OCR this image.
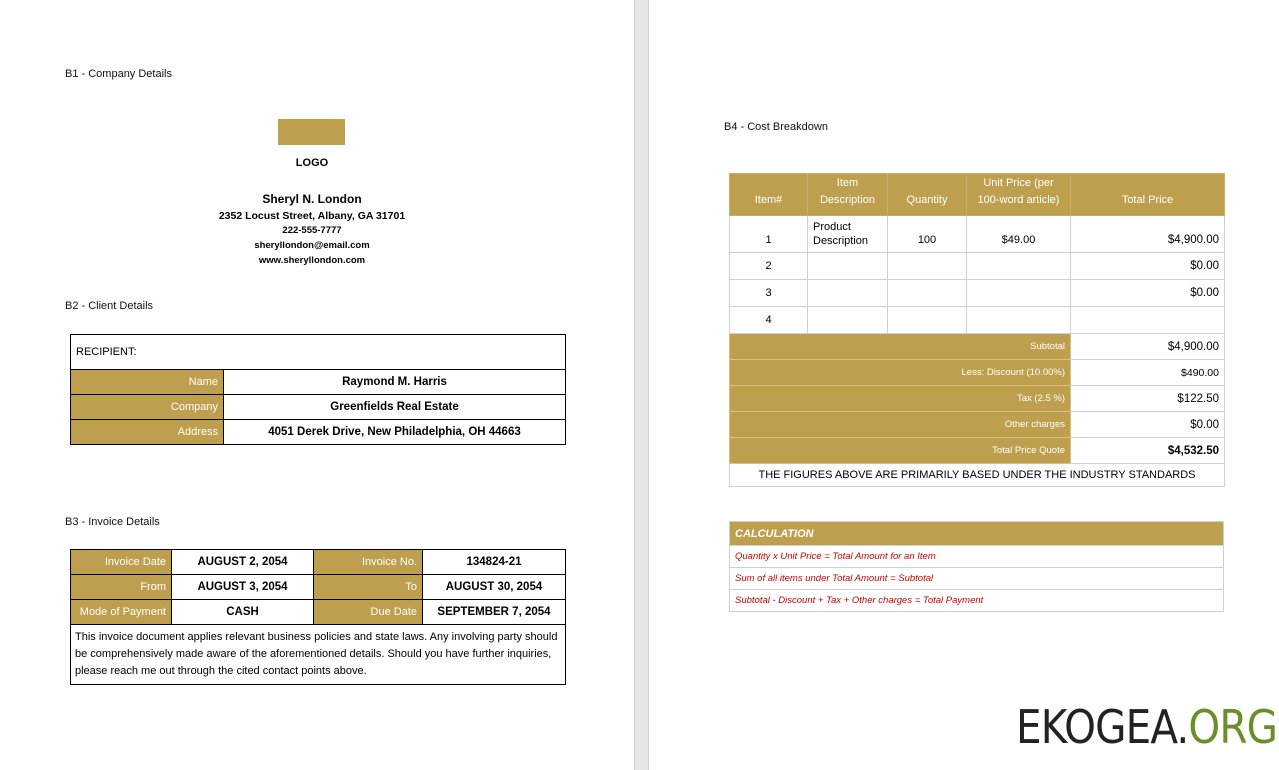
B1 - Company Details
LOGO
Sheryl N. London
2352 Locust Street, Albany, GA 31701
222-555-7777
sheryllondon@email.com
www.sheryllondon.com
B2 - Client Details
RECIPIENT:	
Name	Raymond M. Harris
Company	Greenfields Real Estate
Address	4051 Derek Drive, New Philadelphia, OH 44663
B3 - Invoice Details
Invoice Date	AUGUST 2, 2054	Invoice No.	134824-21
From	AUGUST 3, 2054	To	AUGUST 30, 2054
Mode of Payment	CASH	Due Date	SEPTEMBER 7, 2054
This invoice document applies relevant business policies and state laws. Any involving party should be comprehensively made aware of the aforementioned details. Should you have further inquiries, please reach me out through the cited contact points above.			
B4 - Cost Breakdown
Item#	Item Description	Quantity	Unit Price (per 100-word article)	Total Price
1	Product Description	100	$49.00	$4,900.00
2				$0.00
3				$0.00
4				
Subtotal				$4,900.00
Less: Discount (10.00%)				$490.00
Tax (2.5 %)				$122.50
Other charges				$0.00
Total Price Quote				$4,532.50
THE FIGURES ABOVE ARE PRIMARILY BASED UNDER THE INDUSTRY STANDARDS				
CALCULATION
Quantity x Unit Price = Total Amount for an Item
Sum of all items under Total Amount = Subtotal
Subtotal - Discount + Tax + Other charges = Total Payment
EKOGEA.ORG
